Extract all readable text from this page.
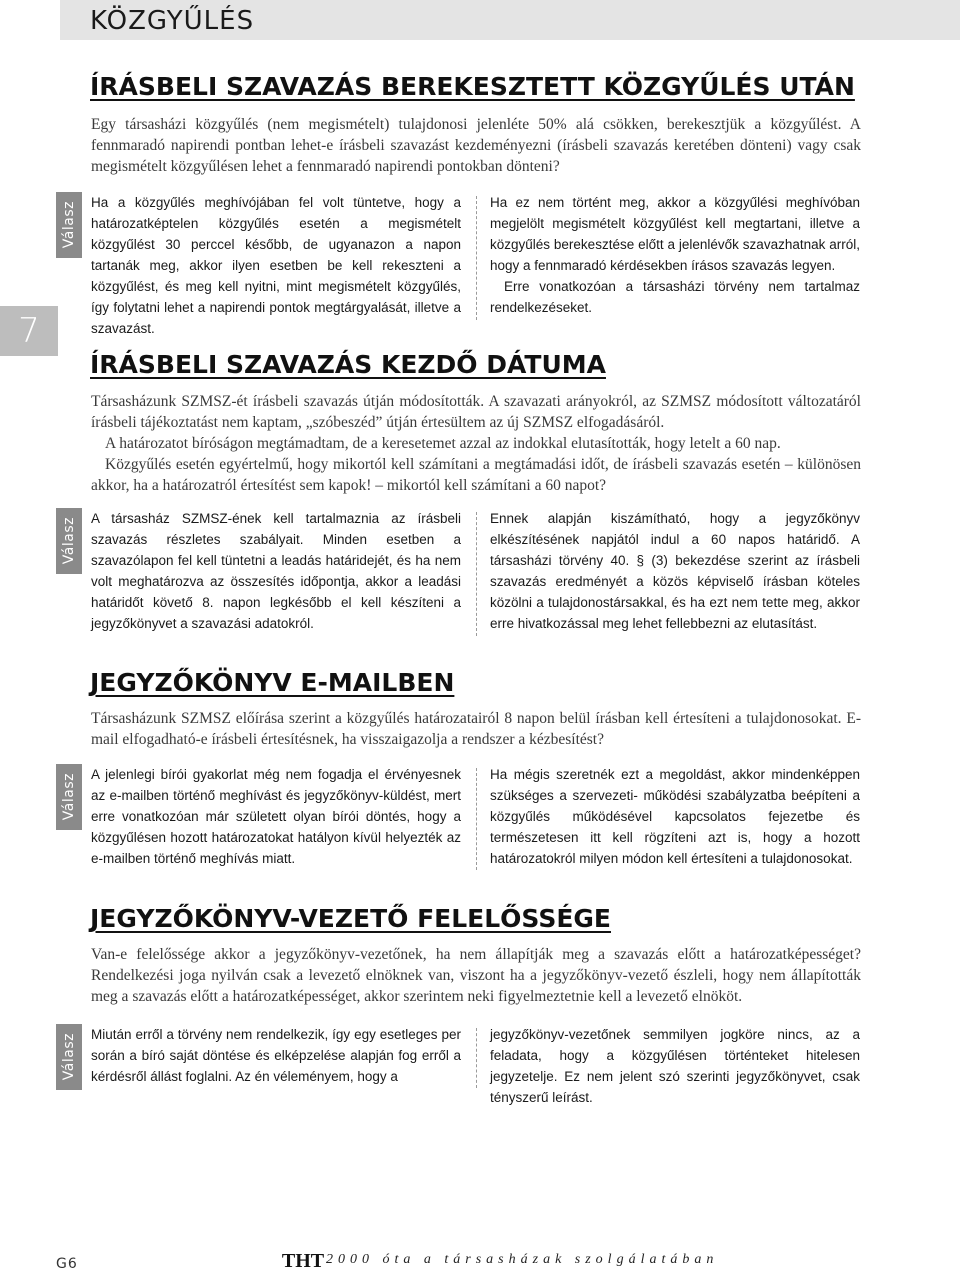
KÖZGYŰLÉS
7
ÍRÁSBELI SZAVAZÁS BEREKESZTETT KÖZGYŰLÉS UTÁN

Egy társasházi közgyűlés (nem megismételt) tulajdonosi jelenléte 50% alá csökken, berekesztjük a közgyűlést. A fennmaradó napirendi pontban lehet-e írásbeli szavazást kezdeményezni (írásbeli szavazás keretében dönteni) vagy csak megismételt közgyűlésen lehet a fennmaradó napirendi pontokban dönteni?

Válasz Ha a közgyűlés meghívójában fel volt tüntetve, hogy a határozatképtelen közgyűlés esetén a megismételt közgyűlést 30 perccel később, de ugyanazon a napon tartanák meg, akkor ilyen esetben be kell rekeszteni a közgyűlést, és meg kell nyitni, mint megismételt közgyűlés, így folytatni lehet a napirendi pontok megtárgyalását, illetve a szavazást.

Ha ez nem történt meg, akkor a közgyűlési meghívóban megjelölt megismételt közgyűlést kell megtartani, illetve a közgyűlés berekesztése előtt a jelenlévők szavazhatnak arról, hogy a fennmaradó kérdésekben írásos szavazás legyen.

Erre vonatkozóan a társasházi törvény nem tartalmaz rendelkezéseket.

ÍRÁSBELI SZAVAZÁS KEZDŐ DÁTUMA

Társasházunk SZMSZ-ét írásbeli szavazás útján módosították. A szavazati arányokról, az SZMSZ módosított változatáról írásbeli tájékoztatást nem kaptam, „szóbeszéd” útján értesültem az új SZMSZ elfogadásáról.

A határozatot bíróságon megtámadtam, de a keresetemet azzal az indokkal elutasították, hogy letelt a 60 nap.

Közgyűlés esetén egyértelmű, hogy mikortól kell számítani a megtámadási időt, de írásbeli szavazás esetén – különösen akkor, ha a határozatról értesítést sem kapok! – mikortól kell számítani a 60 napot?

Válasz A társasház SZMSZ-ének kell tartalmaznia az írásbeli szavazás részletes szabályait. Minden esetben a szavazólapon fel kell tüntetni a leadás határidejét, és ha nem volt meghatározva az összesítés időpontja, akkor a leadási határidőt követő 8. napon legkésőbb el kell készíteni a jegyzőkönyvet a szavazási adatokról.

Ennek alapján kiszámítható, hogy a jegyzőkönyv elkészítésének napjától indul a 60 napos határidő. A társasházi törvény 40. § (3) bekezdése szerint az írásbeli szavazás eredményét a közös képviselő írásban köteles közölni a tulajdonostársakkal, és ha ezt nem tette meg, akkor erre hivatkozással meg lehet fellebbezni az elutasítást.

JEGYZŐKÖNYV E-MAILBEN

Társasházunk SZMSZ előírása szerint a közgyűlés határozatairól 8 napon belül írásban kell értesíteni a tulajdonosokat. E-mail elfogadható-e írásbeli értesítésnek, ha visszaigazolja a rendszer a kézbesítést?

Válasz A jelenlegi bírói gyakorlat még nem fogadja el érvényesnek az e-mailben történő meghívást és jegyzőkönyv-küldést, mert erre vonatkozóan már született olyan bírói döntés, hogy a közgyűlésen hozott határozatokat hatályon kívül helyezték az e-mailben történő meghívás miatt.

Ha mégis szeretnék ezt a megoldást, akkor mindenképpen szükséges a szervezeti- működési szabályzatba beépíteni a közgyűlés működésével kapcsolatos fejezetbe és természetesen itt kell rögzíteni azt is, hogy a hozott határozatokról milyen módon kell értesíteni a tulajdonosokat.

JEGYZŐKÖNYV-VEZETŐ FELELŐSSÉGE

Van-e felelőssége akkor a jegyzőkönyv-vezetőnek, ha nem állapítják meg a szavazás előtt a határozatképességet? Rendelkezési joga nyilván csak a levezető elnöknek van, viszont ha a jegyzőkönyv-vezető észleli, hogy nem állapították meg a szavazás előtt a határozatképességet, akkor szerintem neki figyelmeztetnie kell a levezető elnököt.

Válasz Miután erről a törvény nem rendelkezik, így egy esetleges per során a bíró saját döntése és elképzelése alapján fog erről a kérdésről állást foglalni. Az én véleményem, hogy a

jegyzőkönyv-vezetőnek semmilyen jogköre nincs, az a feladata, hogy a közgyűlésen történteket hitelesen jegyzetelje. Ez nem jelent szó szerinti jegyzőkönyvet, csak tényszerű leírást.

G6	THT 2000 óta a társasházak szolgálatában
